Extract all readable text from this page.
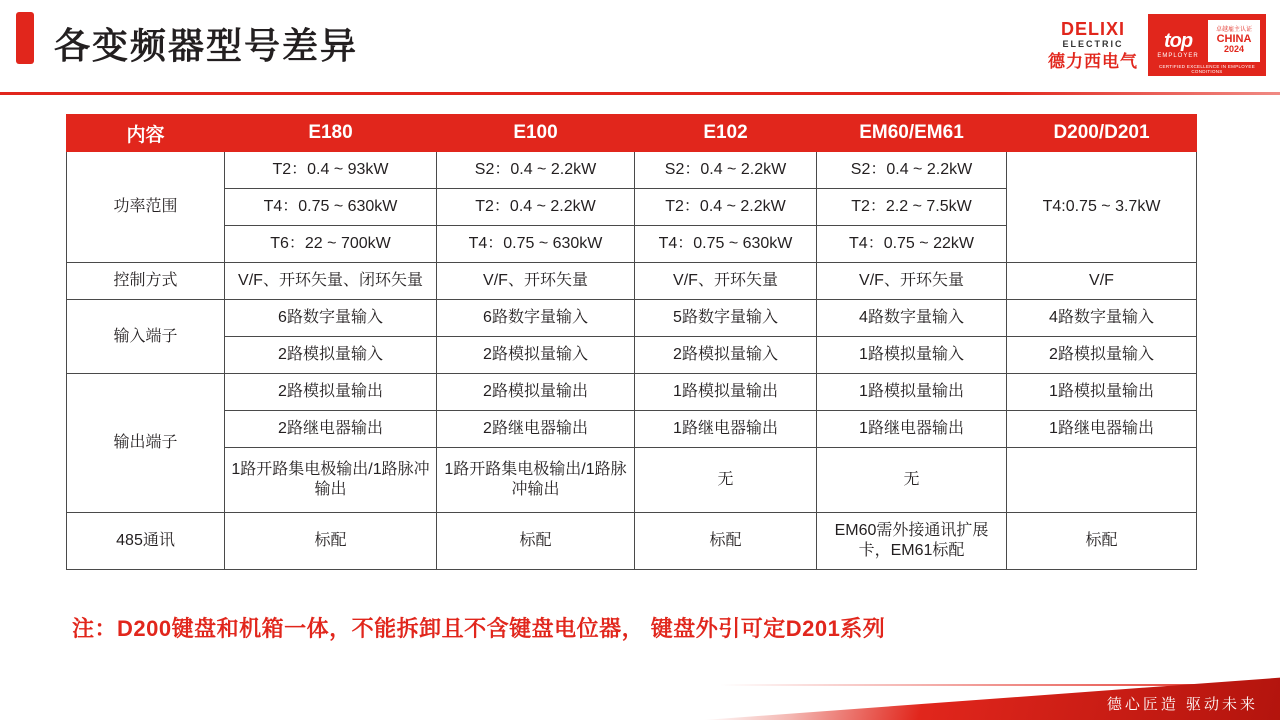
各变频器型号差异	DELIXI
ELECTRIC
德力西电气
top
EMPLOYER
卓越雇主认证
CHINA
2024
CERTIFIED EXCELLENCE IN EMPLOYEE CONDITIONS
内容	E180	E100	E102	EM60/EM61	D200/D201
功率范围	T2：0.4 ~ 93kW	S2：0.4 ~ 2.2kW	S2：0.4 ~ 2.2kW	S2：0.4 ~ 2.2kW	T4:0.75 ~ 3.7kW
	T4：0.75 ~ 630kW	T2：0.4 ~ 2.2kW	T2：0.4 ~ 2.2kW	T2：2.2 ~ 7.5kW	
	T6：22 ~ 700kW	T4：0.75 ~ 630kW	T4：0.75 ~ 630kW	T4：0.75 ~ 22kW	
控制方式	V/F、开环矢量、闭环矢量	V/F、开环矢量	V/F、开环矢量	V/F、开环矢量	V/F
输入端子	6路数字量输入	6路数字量输入	5路数字量输入	4路数字量输入	4路数字量输入
	2路模拟量输入	2路模拟量输入	2路模拟量输入	1路模拟量输入	2路模拟量输入
输出端子	2路模拟量输出	2路模拟量输出	1路模拟量输出	1路模拟量输出	1路模拟量输出
	2路继电器输出	2路继电器输出	1路继电器输出	1路继电器输出	1路继电器输出
	1路开路集电极输出/1路脉冲输出	1路开路集电极输出/1路脉冲输出	无	无	
485通讯	标配	标配	标配	EM60需外接通讯扩展卡，EM61标配	标配
注：D200键盘和机箱一体，不能拆卸且不含键盘电位器， 键盘外引可定D201系列
德心匠造 驱动未来
